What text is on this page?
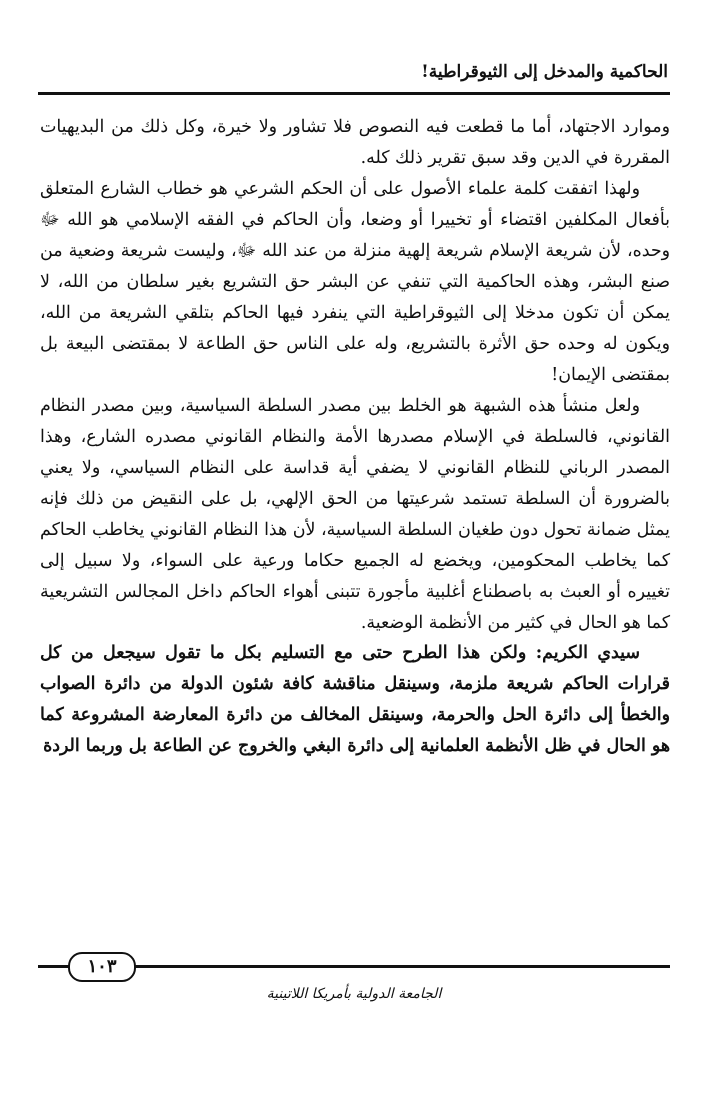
الحاكمية والمدخل إلى الثيوقراطية!

وموارد الاجتهاد، أما ما قطعت فيه النصوص فلا تشاور ولا خيرة، وكل ذلك من البديهيات المقررة في الدين وقد سبق تقرير ذلك كله.

ولهذا اتفقت كلمة علماء الأصول على أن الحكم الشرعي هو خطاب الشارع المتعلق بأفعال المكلفين اقتضاء أو تخييرا أو وضعا، وأن الحاكم في الفقه الإسلامي هو الله ﷻ وحده، لأن شريعة الإسلام شريعة إلهية منزلة من عند الله ﷻ، وليست شريعة وضعية من صنع البشر، وهذه الحاكمية التي تنفي عن البشر حق التشريع بغير سلطان من الله، لا يمكن أن تكون مدخلا إلى الثيوقراطية التي ينفرد فيها الحاكم بتلقي الشريعة من الله، ويكون له وحده حق الأثرة بالتشريع، وله على الناس حق الطاعة لا بمقتضى البيعة بل بمقتضى الإيمان!

ولعل منشأ هذه الشبهة هو الخلط بين مصدر السلطة السياسية، وبين مصدر النظام القانوني، فالسلطة في الإسلام مصدرها الأمة والنظام القانوني مصدره الشارع، وهذا المصدر الرباني للنظام القانوني لا يضفي أية قداسة على النظام السياسي، ولا يعني بالضرورة أن السلطة تستمد شرعيتها من الحق الإلهي، بل على النقيض من ذلك فإنه يمثل ضمانة تحول دون طغيان السلطة السياسية، لأن هذا النظام القانوني يخاطب الحاكم كما يخاطب المحكومين، ويخضع له الجميع حكاما ورعية على السواء، ولا سبيل إلى تغييره أو العبث به باصطناع أغلبية مأجورة تتبنى أهواء الحاكم داخل المجالس التشريعية كما هو الحال في كثير من الأنظمة الوضعية.

سيدي الكريم: ولكن هذا الطرح حتى مع التسليم بكل ما تقول سيجعل من كل قرارات الحاكم شريعة ملزمة، وسينقل مناقشة كافة شئون الدولة من دائرة الصواب والخطأ إلى دائرة الحل والحرمة، وسينقل المخالف من دائرة المعارضة المشروعة كما هو الحال في ظل الأنظمة العلمانية إلى دائرة البغي والخروج عن الطاعة بل وربما الردة

١٠٣
الجامعة الدولية بأمريكا اللاتينية
